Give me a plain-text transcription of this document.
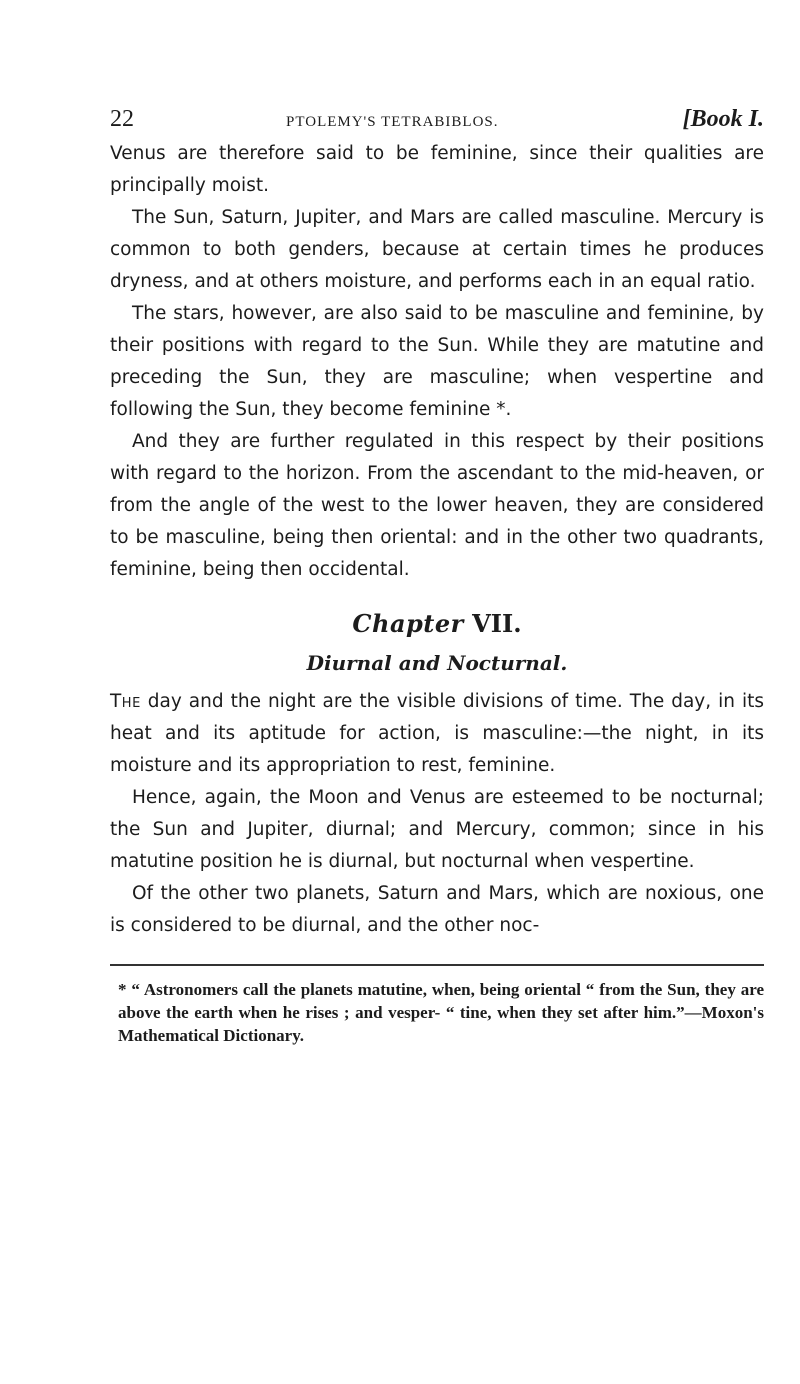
22	PTOLEMY'S TETRABIBLOS.	[Book I.

Venus are therefore said to be feminine, since their qualities are principally moist.

The Sun, Saturn, Jupiter, and Mars are called masculine. Mercury is common to both genders, because at certain times he produces dryness, and at others moisture, and performs each in an equal ratio.

The stars, however, are also said to be masculine and feminine, by their positions with regard to the Sun. While they are matutine and preceding the Sun, they are masculine; when vespertine and following the Sun, they become feminine *.

And they are further regulated in this respect by their positions with regard to the horizon. From the ascendant to the mid-heaven, or from the angle of the west to the lower heaven, they are considered to be masculine, being then oriental: and in the other two quadrants, feminine, being then occidental.

Chapter VII.
Diurnal and Nocturnal.

The day and the night are the visible divisions of time. The day, in its heat and its aptitude for action, is masculine:—the night, in its moisture and its appropriation to rest, feminine.

Hence, again, the Moon and Venus are esteemed to be nocturnal; the Sun and Jupiter, diurnal; and Mercury, common; since in his matutine position he is diurnal, but nocturnal when vespertine.

Of the other two planets, Saturn and Mars, which are noxious, one is considered to be diurnal, and the other noc-

* “ Astronomers call the planets matutine, when, being oriental “ from the Sun, they are above the earth when he rises ; and vesper- “ tine, when they set after him.”—Moxon's Mathematical Dictionary.
